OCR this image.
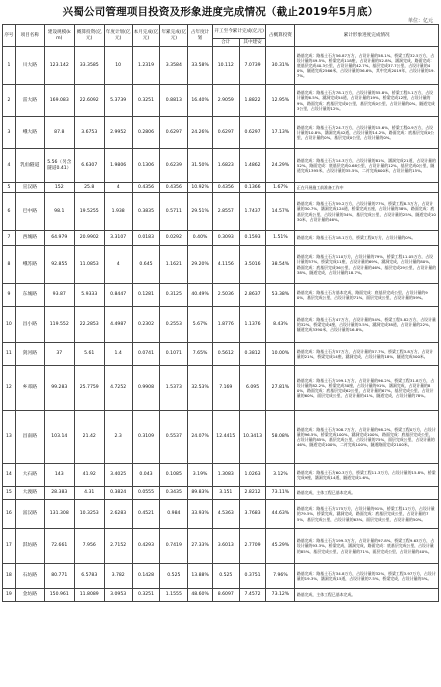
兴蜀公司管理项目投资及形象进度完成情况（截止2019年5月底）
单位：亿元
序号	项目名称	建设规模(km)	概算投资(亿元)	年度计划(亿元)	本月完成(亿元)	年累完成(亿元)	占年度计划	开工至今累计完成(亿元)		占概算投资	累计形象进度完成情况
								合计	其中建安		
1	川大路	123.142	33.3585	10	1.2319	3.3584	33.58%	10.112	7.0739	30.31%	路基完成：路基土石方56.87万方，占设计量的58.1%，桥梁工程32.5万方，占设计量的49.5%，桥梁完成118座，占设计量的52.8%，涵洞完成，路面完成：底基层完成40.3公里，占设计量的42.7%，基层完成37.7公里，占设计量的40%，隧道完成2566米，占设计量的36.6%，其中完成2019年，占设计量的19.7%。
2	雷大路	169.083	22.6092	5.3739	0.3251	0.8813	16.40%	2.9059	1.8822	12.95%	路基完成：路基土石方78.1万方，占设计量的55.8%，桥梁工程5.1万方，占设计量的6.5%，涵洞完成54道，占设计量的19%，桥梁完成12座，占设计量的9%，路面完成：底基层完成0公里，基层完成0公里，占设计量的0%，隧道完成3公里，占设计量的12%。
3	峨大路	87.8	3.6753	2.9952	0.2806	0.6297	24.26%	0.6297	0.6297	17.13%	路基完成：路基土石方24.7万方，占设计量的15.6%，桥梁工程0.9万方，占设计量的10.8%，涵洞完成42道，占设计量的14.2%，路面完成：底基层完成0公里，占设计量的0%，基层完成0公里，占设计量的0%。
4	乳仙隧道	5.56（另含隧道0.41）	6.6307	1.9806	0.1306	0.6239	31.50%	1.6823	1.4862	24.29%	路基完成：路基土石方14.3万方，占设计量的81%，涵洞完成21道，占设计量的52%，路面完成：底基层完成0.68公里，占设计量的12%，基层完成0公里，隧道完成1395米，占设计量的35.5%，二衬完成600米，占设计量的15%。
5	宣汉路	152	25.8	4	0.4356	0.4356	10.92%	0.4356	0.1366	1.67%	正在开展施工前准备工作中
6	巴中路	98.1	19.5255	1.938	0.3835	0.5711	29.51%	2.8557	1.7437	14.57%	路基完成：路基土石方59.2万方，占设计量的77%，桥梁工程8.3万方，占设计量的30.7%，涵洞完成124道，桥梁完成五座，占设计量的38%，路面完成：底基层完成公里，占设计量的34%，基层完成公里，占设计量的25%，隧道完成1030米，占设计量的46%。
7	西城路	64.979	20.9902	3.3107	0.0183	0.0292	0.40%	0.3093	0.1593	1.51%	路基完成：路基土石方18.1万方，桥梁工程0万方，占设计量的0%。
8	峨苏路	92.855	11.0853	4	0.645	1.1621	29.20%	4.1156	3.5016	38.54%	路基完成：路基土石方110万方，占设计量的79%，桥梁工程11.05万方，占设计量的57%，桥梁完成11座，占设计量的69%，涵洞完成，占设计量的80%，路面完成：底基层完成36公里，占设计量的46%，基层完成29公里，占设计量的38%，隧道完成，占设计量的18.7%。
9	东城路	93.87	5.9333	0.8447	0.1281	0.3125	40.49%	2.5036	2.8637	53.38%	路基完成：路基土石方基本完成，路面完成：底基层完成公里，占设计量的90%，基层完成公里，占设计量的71%，面层完成公里，占设计量的59%。
10	昌小路	119.552	22.2853	4.4987	0.2302	0.2553	5.67%	1.8776	1.1376	8.43%	路基完成：路基土石方47万方，占设计量的54%，桥梁工程5.82万方，占设计量的32%，桥梁完成4座，占设计量的3.5%，涵洞完成38道，占设计量的22%，隧道完成3390米，占设计量的16.8%。
11	剑河路	37	5.61	1.4	0.0741	0.1071	7.65%	0.5612	0.3812	10.00%	路基完成：路基土石方57万方，占设计量的57.7%，桥梁工程3.8万方，占设计量的21%，桥梁完成14座，涵洞完成，占设计量的18%，隧道完成500米。
12	乡邓路	99.283	25.7759	4.7252	0.9908	1.5373	32.53%	7.169	6.095	27.81%	路基完成：路基土石方199.1万方，占设计量的96.2%，桥梁工程31.8万方，占设计量的82.2%，桥梁完成30座，占设计量的91%，涵洞完成，占设计量的80%，路面完成：底基层完成62公里，占设计量的67%，基层完成公里，占设计量的60%，面层完成公里，占设计量的41%，隧道完成，占设计量的78%。
13	昌南路	103.14	21.42	2.3	0.3109	0.5537	24.07%	12.4415	10.3413	58.08%	路基完成：路基土石方308.7万方，占设计量的98.2%，桥梁工程0万方，占设计量的96.5%，桥梁完成100%，涵洞完成100%，路面完成：底基层完成公里，占设计量的85%，基层完成公里，占设计量的75%，面层完成公里，占设计量的46%，隧道完成100%，二衬完成100%，隧道路面完成2100米。
14	大石路	143	41.92	3.4025	0.043	0.1085	3.19%	1.3083	1.0263	3.12%	路基完成：路基土石方60.3万方，桥梁工程11.3万方，占设计量的15.8%，桥梁完成9座，涵洞完成14道，隧道完成1.6%。
15	大渡路	28.383	4.31	0.3824	0.0555	0.3435	89.83%	3.151	2.8212	73.11%	路基完成，主体工程已基本完成。
16	富汉路	131.308	10.3253	2.6283	0.4521	0.984	33.93%	4.5363	3.7683	44.63%	路基完成：路基土石方175万方，占设计量的91%，桥梁工程11万方，占设计量的79.5%，桥梁完成，涵洞完成，路面完成：底基层完成公里，占设计量的75%，基层完成公里，占设计量的63%，面层完成公里，占设计量的50%。
17	淇坊路	72.661	7.956	2.7152	0.4293	0.7419	27.33%	3.6013	2.7709	45.29%	路基完成：路基土石方199.3万方，占设计量的97.8%，桥梁工程9.63万方，占设计量的93.3%，桥梁完成，涵洞完成，路面完成：底基层完成公里，占设计量的85%，基层完成公里，占设计量的71%，面层完成公里，占设计量的40%。
18	石坊路	80.771	6.5783	3.782	0.1428	0.525	13.88%	0.525	0.3751	7.96%	路基完成：路基土石方34.8万方，占设计量的32%，桥梁工程3.97万方，占设计量的19.3%，涵洞完成15道，占设计量的7.5%，桥梁完成，占设计量的5%。
19	金坊路	150.961	11.8089	3.0953	0.3251	1.1555	48.60%	8.6097	7.4572	73.12%	路基完成，主体工程已基本完成。
